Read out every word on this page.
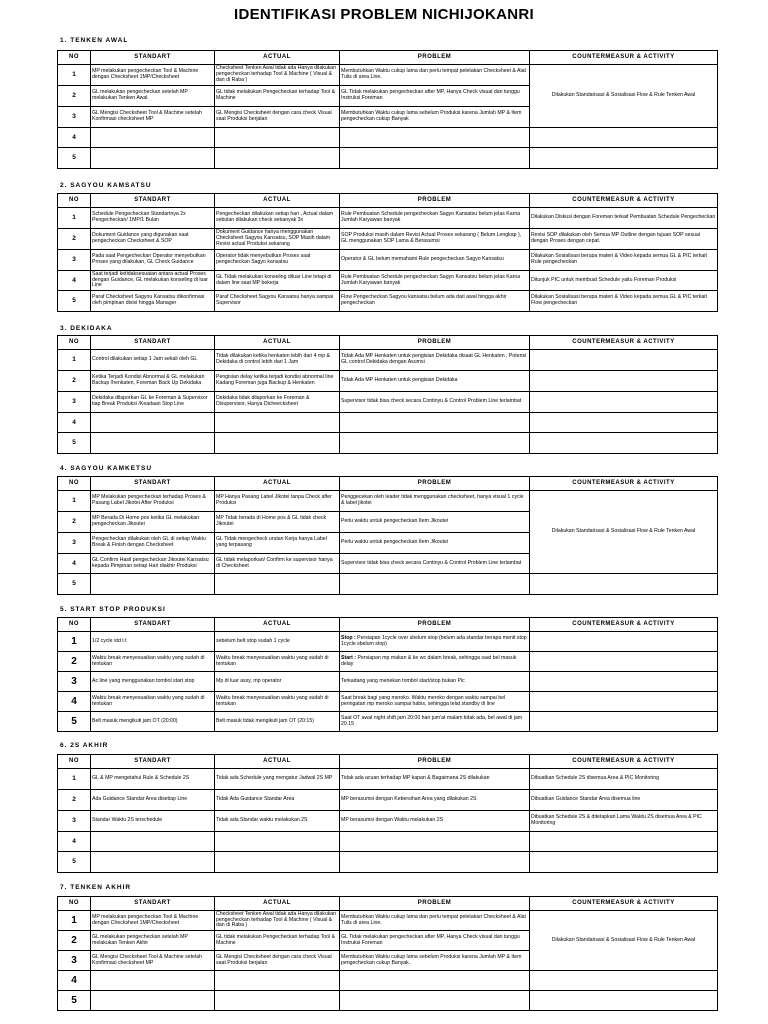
IDENTIFIKASI PROBLEM NICHIJOKANRI
1. TENKEN AWAL
NO	STANDART	ACTUAL	PROBLEM	COUNTERMEASUR & ACTIVITY
1	MP melakukan pengecheckan Tool & Machine dengan Checksheet 1MP/Checksheet	Checksheet Tenken Awal tidak ada Hanya dilakukan pengecheckan terhadap Tool & Machine ( Visual & dan di Raba )	Membutuhkan Waktu cukup lama dan perlu tempat peletakan Checksheet & Alat Tulis di area Line.	Dilakukan Standarisasi & Sosialisasi Flow & Rule Tenken Awal
2	GL melakukan pengecheckan setelah MP melakukan Tenken Awal	GL tidak melakukan Pengecheckan terhadap Tool & Machine	GL Tidak melakukan pengecheckan after MP, Hanya Check visual dan tunggu Instruksi Foreman	
3	GL Mengisi Checksheet Tool & Machine setelah Konfirmasi checksheet MP	GL Mengisi Checksheet dengan cara check Visual saat Produksi berjalan	Membutuhkan Waktu cukup lama sebelum Produksi karena Jumlah MP & Item pengecheckan cukup Banyak	
4				
5				
2. SAGYOU KAMSATSU
NO	STANDART	ACTUAL	PROBLEM	COUNTERMEASUR & ACTIVITY
1	Schedule Pengecheckan Standartnya 2x Pengecheckan/ 1MP/1 Bulan	Pengecheckan dilakukan setiap hari , Actual dalam sebulan dilakukan check sebanyak 3x	Rule Pembuatan Schedule pengecheckan Sagyo Kansatsu belum jelas Karna Jumlah Karyawan banyak	Dilakukan Diskusi dengan Foreman terkait Pembuatan Schedule Pengecheckan
2	Dokument Guidance yang digunakan saat pengecheckan Checksheet & SOP	Dokument Guidance hanya menggunakan Checksheet Sagyou Kansatsu, SOP Masih dalam Revisi actual Produksi sekarang	SOP Produksi masih dalam Revisi Actual Proses sekarang ( Belum Lengkap ), GL menggunakan SOP Lama & Berasumsi	Revisi SOP dilakukan oleh Semua MP Outline dengan tujuan SOP sesuai dengan Proses dengan cepat.
3	Pada saat Pengecheckan Operator menyebutkan Proses yang dilakukan, GL Check Guidance	Operator tidak menyebutkan Proses saat pengecheckan Sagyo kansatsu	Operator & GL belum memahami Rule pengecheckan Sagyo Kansatsu	Dilakukan Sosialisasi berupa materi & Video kepada semua GL & PIC terkait Rule pengecheckan
4	Saat terjadi ketidaksesuaian antara actual Proses dengan Guidance, GL melakukan konseling di luar Line	GL Tidak melakukan konseling diluar Line tetapi di dalam line saat MP bekerja	Rule Pembuatan Schedule pengecheckan Sagyo Kansatsu belum jelas Karna Jumlah Karyawan banyak	Ditunjuk PIC untuk membuat Schedule yaitu Foreman Produksi
5	Paraf Checksheet Sagyou Kansatsu dikonfirmasi oleh pimpinan divisi hingga Manager	Paraf Checksheet Sagyou Kansatsu hanya sampai Supervisor	Flow Pengecheckan Sagyou kansatsu belum ada dari awal hingga akhir pengecheckan	Dilakukan Sosialisasi berupa materi & Video kepada semua GL & PIC terkait Flow pengecheckan
3. DEKIDAKA
NO	STANDART	ACTUAL	PROBLEM	COUNTERMEASUR & ACTIVITY
1	Control dilakukan setiap 1 Jam sekali oleh GL	Tidak dilakukan ketika henkaten lebih dari 4 mp & Dekidaka di control lebih dari 1 Jam	Tidak Ada MP Henkaten untuk pengisian Dekidaka disaat GL Henkaten , Potensi GL control Dekidaka dengan Asumsi	
2	Ketika Terjadi Kondisi Abnormal & GL melakukan Backup /henkaten, Foreman Back Up Dekidaka	Pengisian delay ketika terjadi kondisi abnormal line Kadang Foreman juga Backup & Henkaten	Tidak Ada MP Henkaten untuk pengisian Dekidaka	
3	Dekidaka dilaporkan GL ke Foreman & Supervisor tiap Break Produksi /Keadaan Stop Line	Dekidaka tidak dilaporkan ke Foreman & Disupervisor, Hanya Dicheecksheet	Supervisor tidak bisa check secara Continyu & Control Problem Line terlambat	
4				
5				
4. SAGYOU KAMKETSU
NO	STANDART	ACTUAL	PROBLEM	COUNTERMEASUR & ACTIVITY
1	MP Melakukan pengecheckan terhadap Proses & Pasang Label Jikotei After Produksi	MP Hanya Pasang Label Jikotei tanpa Check after Produksi	Penggecekan oleh leader tidak menggunakan checksheet, hanya visual 1 cycle & label jikotei	Dilakukan Standarisasi & Sosialisasi Flow & Rule Tenken Awal
2	MP Berada Di Home pos ketika GL melakukan pengecheckan Jikoutei	MP Tidak berada di Home pos & GL tidak check Jikoutei	Perlu waktu untuk pengecheckan Item Jikoutei	
3	Pengecheckan dilakukan oleh GL di setiap Waktu Break & Finish dengan Checksheet	GL Tidak mengecheck urutan Kerja hanya Label yang terpasang	Perlu waktu untuk pengecheckan Item Jikoutei	
4	GL Confirm Hasil pengecheckan Jikoutei Kansatsu kepada Pimpinan setiap Hari diakhir Produksi	GL tidak melaporkan/ Confirm ke supervisor hanya di Checksheet	Supervisor tidak bisa check secara Continyu & Control Problem Line terlambat	
5				
5. START STOP PRODUKSI
NO	STANDART	ACTUAL	PROBLEM	COUNTERMEASUR & ACTIVITY
1	1/2 cycle std t.t	sebelum belt stop sudah 1 cycle	Stop : Persiapan 1cycle over sbelum stop (belum ada standar berapa menit stop 1cycle sbelum stop)	
2	Waktu break menyesuaikan waktu yang sudah di tentukan	Waktu break menyesuaikan waktu yang sudah di tentukan	Start : Persiapan mp makan & ke wc dalam break, sehingga saat bel masuk delay	
3	Ac line yang menggunakan tombol start stop	Mp di luar assy, mp operator	Terkadang yang menekan tombol start/stop bukan Pic	
4	Waktu break menyesuaikan waktu yang sudah di tentukan	Waktu break menyesuaikan waktu yang sudah di tentukan	Saat break bagi yang meroko. Waktu meroko dengan waktu sampai bel peringatan mp meroko sampai habis, sehingga telat standby di line	
5	Belt masuk mengikuti jam OT (20:00)	Belt masuk tidak mengikuti jam OT (20:15)	Saat OT awal night shift jam 20:00 hari jum'at malam tidak ada, bel awal di jam 20.15	
6. 2S AKHIR
NO	STANDART	ACTUAL	PROBLEM	COUNTERMEASUR & ACTIVITY
1	GL & MP mengetahui Rule & Schedule 2S	Tidak ada Schedule yang mengatur Jadwal 2S MP	Tidak ada acuan terhadap MP kapan & Bagaimana 2S dilakukan	Dibuatkan Schedule 2S disemua Area & PIC Monitoring
2	Ada Guidance Standar Area disetiap Line	Tidak Ada Guidance Standar Area	MP berasumsi dengan Kebersihan Area yang dilakukan 2S	Dibuatkan Guidance Standar Area disemua line
3	Standar Waktu 2S terschedule	Tidak ada Standar waktu melakukan 2S	MP berasumsi dengan Waktu melakukan 2S	Dibuatkan Schedule 2S & ditetapkan Lama Waktu 2S disemua Area & PIC Monitoring
4				
5				
7. TENKEN AKHIR
NO	STANDART	ACTUAL	PROBLEM	COUNTERMEASUR & ACTIVITY
1	MP melakukan pengecheckan Tool & Machine dengan Checksheet 1MP/Checksheet	Checksheet Tenken Awal tidak ada Hanya dilakukan pengecheckan terhadap Tool & Machine ( Visual & dan di Raba )	Membutuhkan Waktu cukup lama dan perlu tempat peletakan Checksheet & Alat Tulis di area Line.	Dilakukan Standarisasi & Sosialisasi Flow & Rule Tenken Awal
2	GL melakukan pengecheckan setelah MP melakukan Tenken Akhir	GL tidak melakukan Pengecheckan terhadap Tool & Machine	GL Tidak melakukan pengecheckan after MP, Hanya Check visual dan tunggu Instruksi Foreman	
3	GL Mengisi Checksheet Tool & Machine setelah Konfirmasi checksheet MP	GL Mengisi Checksheet dengan cara check Visual saat Produksi berjalan	Membutuhkan Waktu cukup lama sebelum Produksi karena Jumlah MP & Item pengecheckan cukup Banyak.	
4				
5				
